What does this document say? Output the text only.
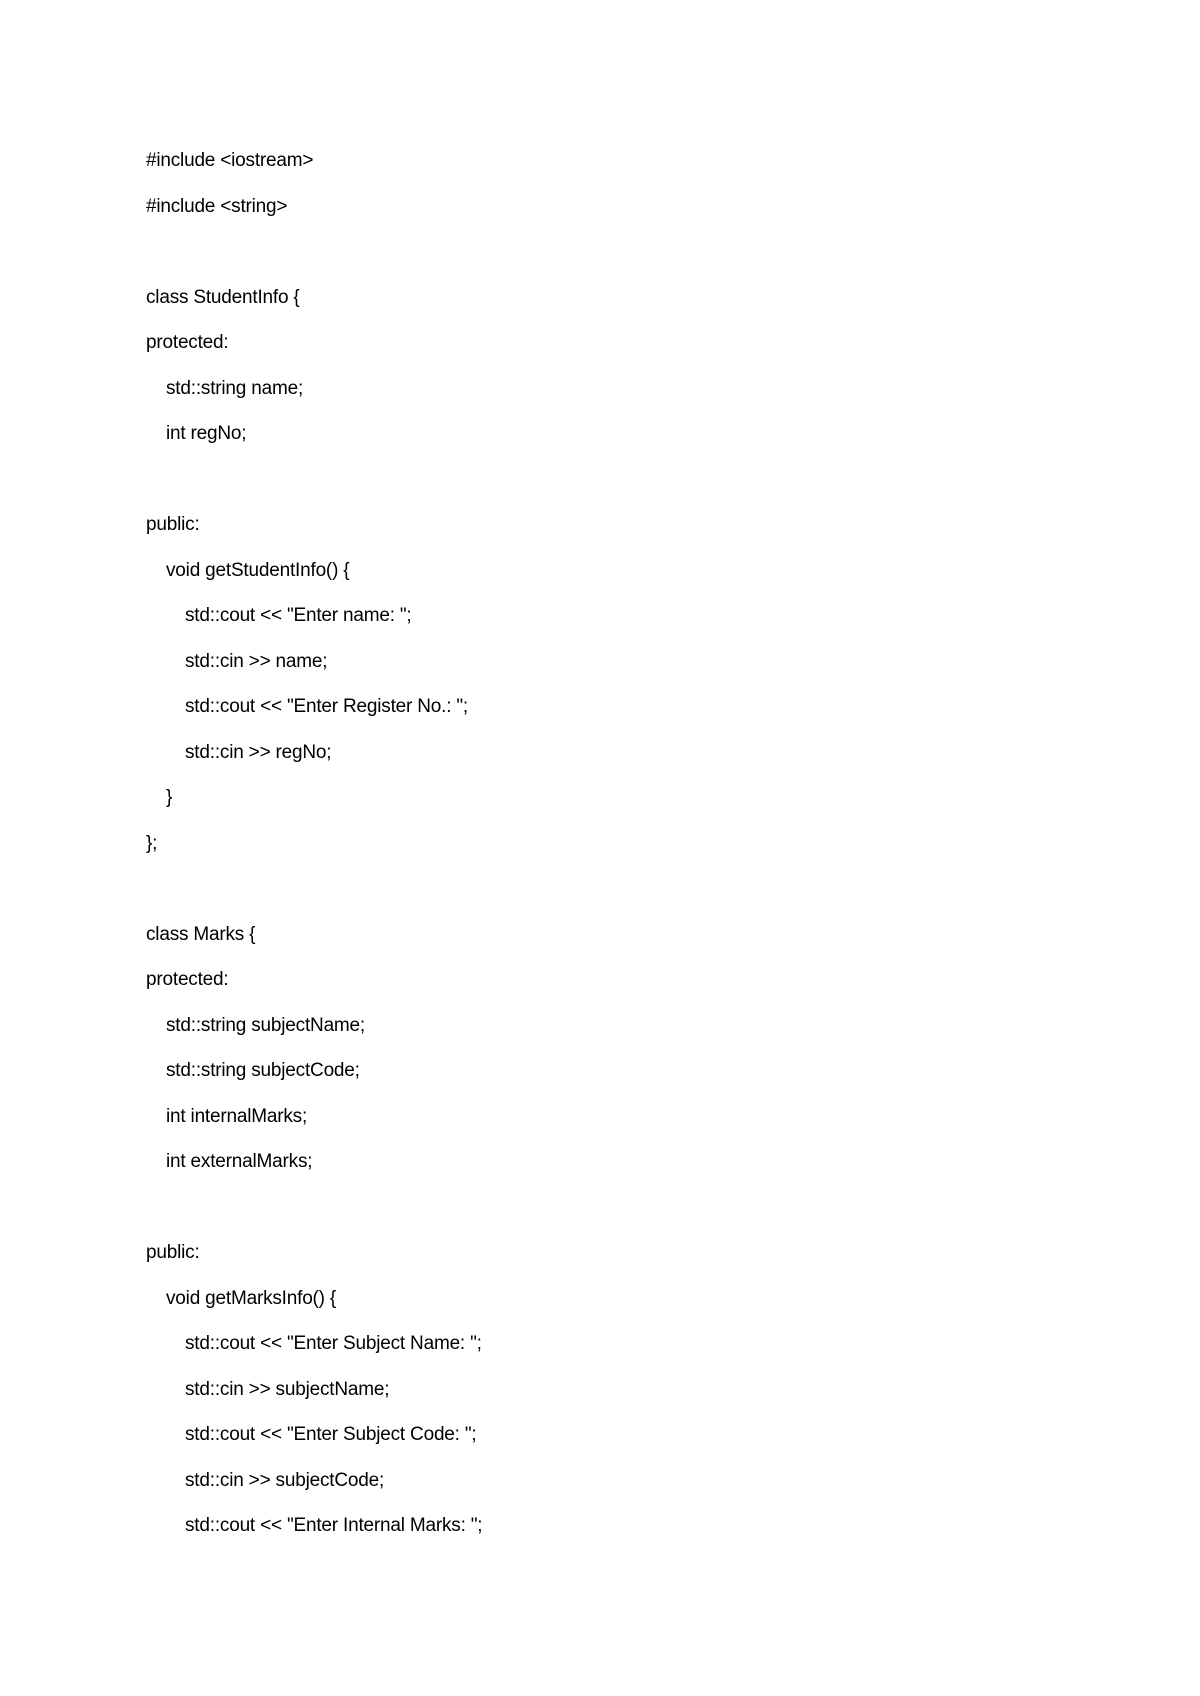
#include <iostream>
#include <string>
class StudentInfo {
protected:
std::string name;
int regNo;
public:
void getStudentInfo() {
std::cout << "Enter name: ";
std::cin >> name;
std::cout << "Enter Register No.: ";
std::cin >> regNo;
}
};
class Marks {
protected:
std::string subjectName;
std::string subjectCode;
int internalMarks;
int externalMarks;
public:
void getMarksInfo() {
std::cout << "Enter Subject Name: ";
std::cin >> subjectName;
std::cout << "Enter Subject Code: ";
std::cin >> subjectCode;
std::cout << "Enter Internal Marks: ";
